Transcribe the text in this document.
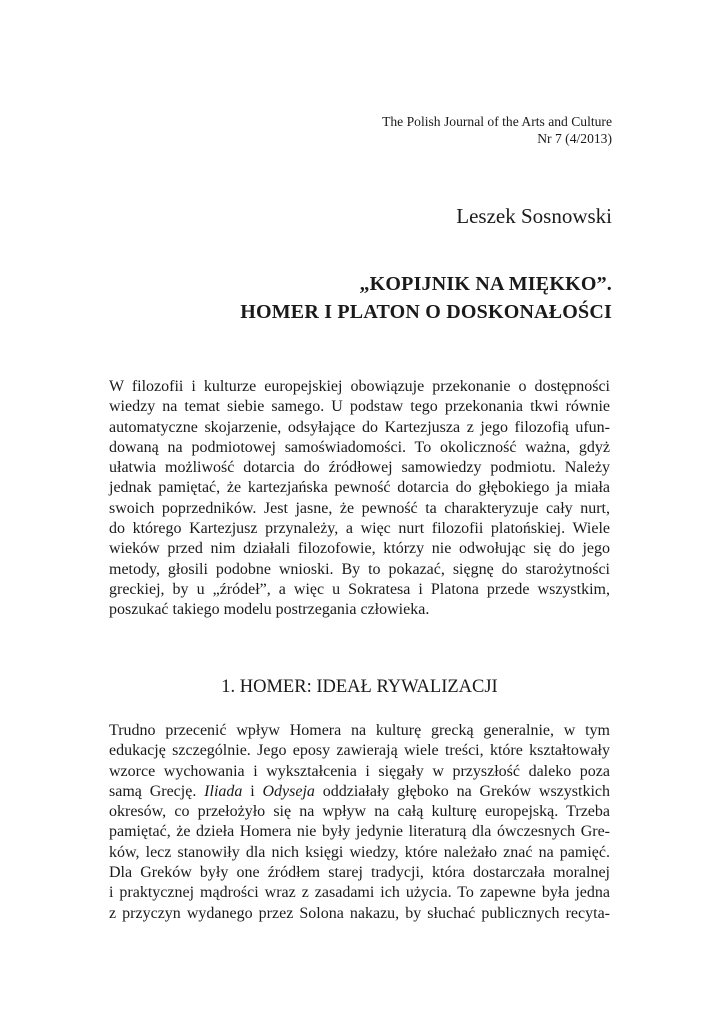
The Polish Journal of the Arts and Culture
Nr 7 (4/2013)
Leszek Sosnowski
„KOPIJNIK NA MIĘKKO”.
HOMER I PLATON O DOSKONAŁOŚCI
W filozofii i kulturze europejskiej obowiązuje przekonanie o dostępności
wiedzy na temat siebie samego. U podstaw tego przekonania tkwi równie
automatyczne skojarzenie, odsyłające do Kartezjusza z jego filozofią ufun-
dowaną na podmiotowej samoświadomości. To okoliczność ważna, gdyż
ułatwia możliwość dotarcia do źródłowej samowiedzy podmiotu. Należy
jednak pamiętać, że kartezjańska pewność dotarcia do głębokiego ja miała
swoich poprzedników. Jest jasne, że pewność ta charakteryzuje cały nurt,
do którego Kartezjusz przynależy, a więc nurt filozofii platońskiej. Wiele
wieków przed nim działali filozofowie, którzy nie odwołując się do jego
metody, głosili podobne wnioski. By to pokazać, sięgnę do starożytności
greckiej, by u „źródeł”, a więc u Sokratesa i Platona przede wszystkim,
poszukać takiego modelu postrzegania człowieka.
1. HOMER: IDEAŁ RYWALIZACJI
Trudno przecenić wpływ Homera na kulturę grecką generalnie, w tym
edukację szczególnie. Jego eposy zawierają wiele treści, które kształtowały
wzorce wychowania i wykształcenia i sięgały w przyszłość daleko poza
samą Grecję. Iliada i Odyseja oddziałały głęboko na Greków wszystkich
okresów, co przełożyło się na wpływ na całą kulturę europejską. Trzeba
pamiętać, że dzieła Homera nie były jedynie literaturą dla ówczesnych Gre-
ków, lecz stanowiły dla nich księgi wiedzy, które należało znać na pamięć.
Dla Greków były one źródłem starej tradycji, która dostarczała moralnej
i praktycznej mądrości wraz z zasadami ich użycia. To zapewne była jedna
z przyczyn wydanego przez Solona nakazu, by słuchać publicznych recyta-
